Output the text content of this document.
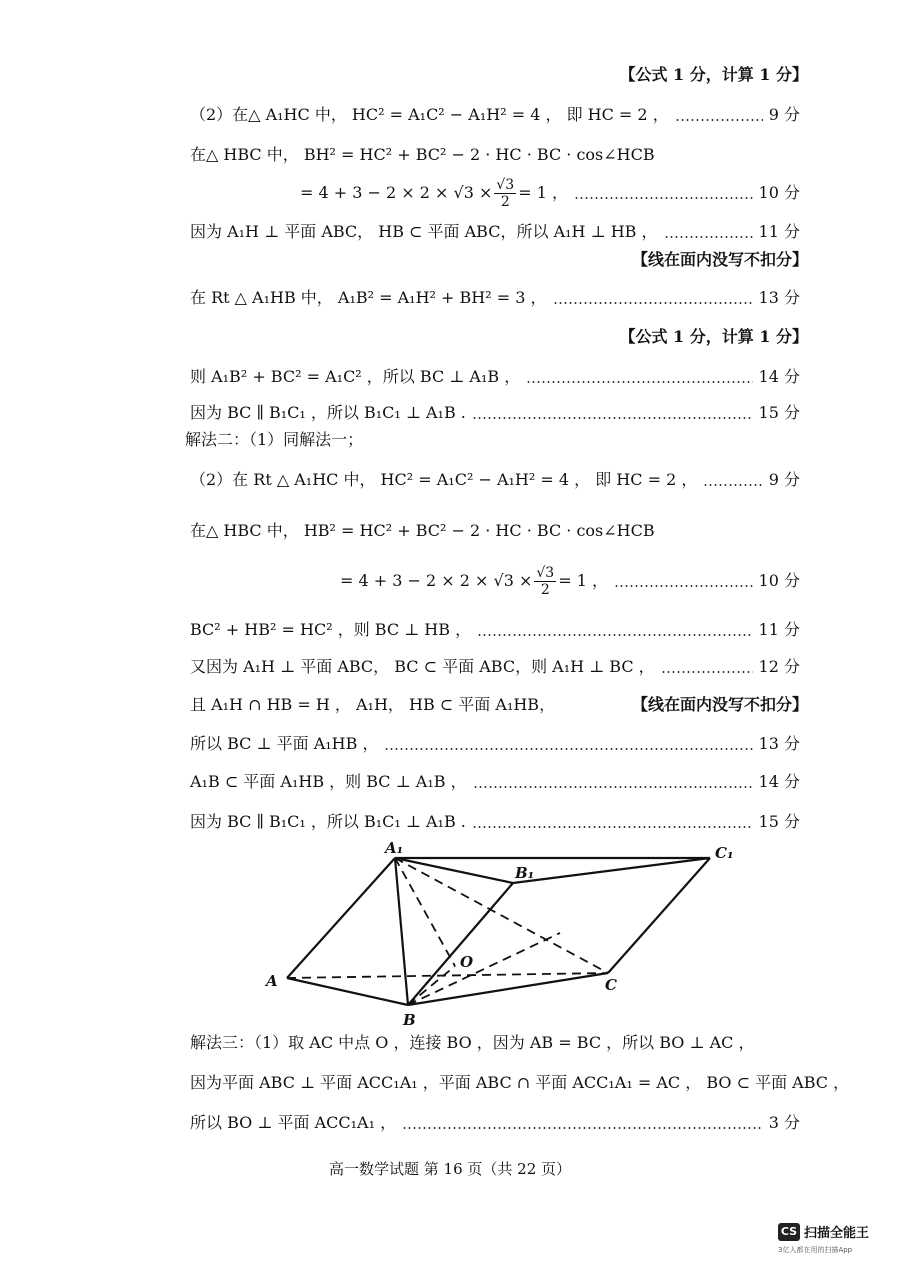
【公式 1 分，计算 1 分】
（2）在△ A₁HC 中， HC² = A₁C² − A₁H² = 4 ， 即 HC = 2 ，	9 分
在△ HBC 中， BH² = HC² + BC² − 2 · HC · BC · cos∠HCB
= $4 + 3 - 2 \times 2 \times √3 \times \frac{√3}{2} = 1$ ，	10 分
因为 A₁H ⊥ 平面 ABC， HB ⊂ 平面 ABC，所以 A₁H ⊥ HB ，	11 分
【线在面内没写不扣分】
在 Rt △ A₁HB 中， A₁B² = A₁H² + BH² = 3 ，	13 分
【公式 1 分，计算 1 分】
则 A₁B² + BC² = A₁C² ，所以 BC ⊥ A₁B ，	14 分
因为 BC ∥ B₁C₁ ，所以 B₁C₁ ⊥ A₁B .	15 分
解法二：（1）同解法一；
（2）在 Rt △ A₁HC 中， HC² = A₁C² − A₁H² = 4 ， 即 HC = 2 ，	9 分
在△ HBC 中， HB² = HC² + BC² − 2 · HC · BC · cos∠HCB
= $4 + 3 - 2 \times 2 \times √3 \times \frac{√3}{2} = 1$ ，	10 分
BC² + HB² = HC² ，则 BC ⊥ HB ，	11 分
又因为 A₁H ⊥ 平面 ABC， BC ⊂ 平面 ABC，则 A₁H ⊥ BC ，	12 分
且 A₁H ∩ HB = H ， A₁H， HB ⊂ 平面 A₁HB，	【线在面内没写不扣分】
所以 BC ⊥ 平面 A₁HB ，	13 分
A₁B ⊂ 平面 A₁HB ，则 BC ⊥ A₁B ，	14 分
因为 BC ∥ B₁C₁ ，所以 B₁C₁ ⊥ A₁B .	15 分
A₁
B₁
C₁
A
B
C
O
解法三：（1）取 AC 中点 O ，连接 BO ，因为 AB = BC ，所以 BO ⊥ AC ，
因为平面 ABC ⊥ 平面 ACC₁A₁ ，平面 ABC ∩ 平面 ACC₁A₁ = AC ， BO ⊂ 平面 ABC ，
所以 BO ⊥ 平面 ACC₁A₁ ，	3 分
高一数学试题 第 16 页（共 22 页）
CS 扫描全能王
3亿人都在用的扫描App
